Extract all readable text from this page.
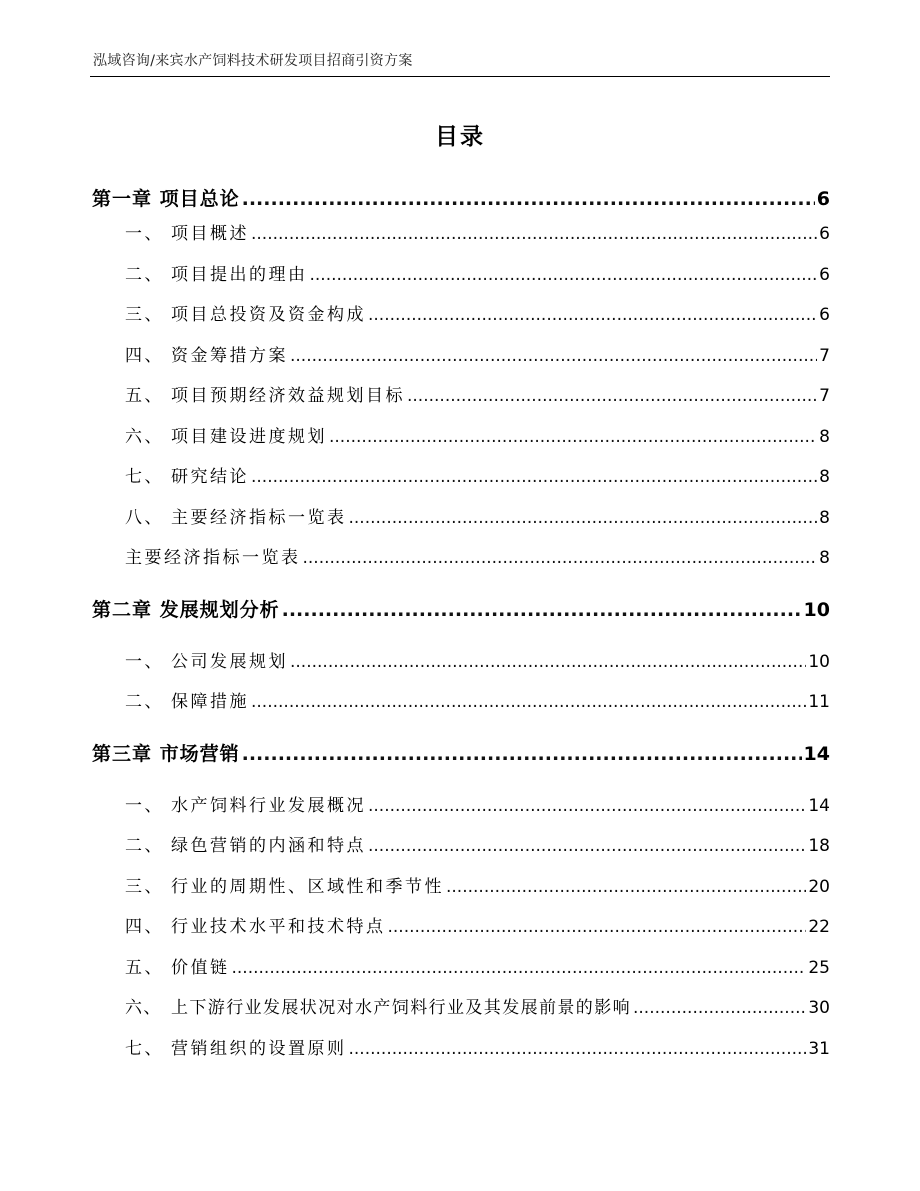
泓域咨询/来宾水产饲料技术研发项目招商引资方案
目录
第一章 项目总论 .....	6
一、 项目概述 .....	6
二、 项目提出的理由 .....	6
三、 项目总投资及资金构成 .....	6
四、 资金筹措方案 .....	7
五、 项目预期经济效益规划目标 .....	7
六、 项目建设进度规划 .....	8
七、 研究结论 .....	8
八、 主要经济指标一览表 .....	8
主要经济指标一览表 .....	8
第二章 发展规划分析 .....	10
一、 公司发展规划 .....	10
二、 保障措施 .....	11
第三章 市场营销 .....	14
一、 水产饲料行业发展概况 .....	14
二、 绿色营销的内涵和特点 .....	18
三、 行业的周期性、区域性和季节性 .....	20
四、 行业技术水平和技术特点 .....	22
五、 价值链 .....	25
六、 上下游行业发展状况对水产饲料行业及其发展前景的影响 .....	30
七、 营销组织的设置原则 .....	31
